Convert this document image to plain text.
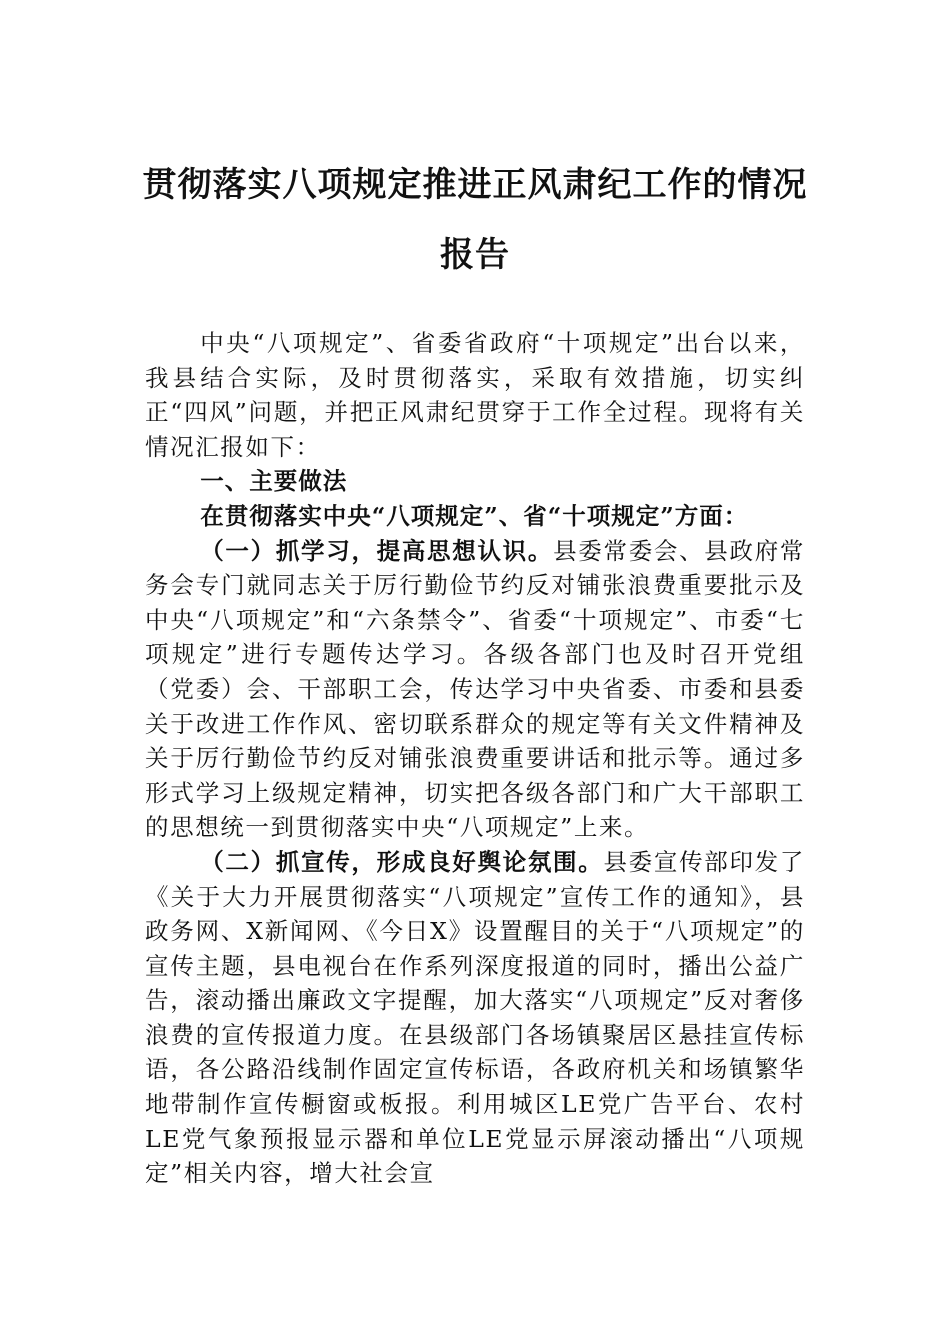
贯彻落实八项规定推进正风肃纪工作的情况报告

中央“八项规定”、省委省政府“十项规定”出台以来，我县结合实际，及时贯彻落实，采取有效措施，切实纠正“四风”问题，并把正风肃纪贯穿于工作全过程。现将有关情况汇报如下：

一、主要做法

在贯彻落实中央“八项规定”、省“十项规定”方面：

（一）抓学习，提高思想认识。县委常委会、县政府常务会专门就同志关于厉行勤俭节约反对铺张浪费重要批示及中央“八项规定”和“六条禁令”、省委“十项规定”、市委“七项规定”进行专题传达学习。各级各部门也及时召开党组（党委）会、干部职工会，传达学习中央省委、市委和县委关于改进工作作风、密切联系群众的规定等有关文件精神及关于厉行勤俭节约反对铺张浪费重要讲话和批示等。通过多形式学习上级规定精神，切实把各级各部门和广大干部职工的思想统一到贯彻落实中央“八项规定”上来。

（二）抓宣传，形成良好舆论氛围。县委宣传部印发了《关于大力开展贯彻落实“八项规定”宣传工作的通知》，县政务网、X新闻网、《今日X》设置醒目的关于“八项规定”的宣传主题，县电视台在作系列深度报道的同时，播出公益广告，滚动播出廉政文字提醒，加大落实“八项规定”反对奢侈浪费的宣传报道力度。在县级部门各场镇聚居区悬挂宣传标语，各公路沿线制作固定宣传标语，各政府机关和场镇繁华地带制作宣传橱窗或板报。利用城区LE党广告平台、农村LE党气象预报显示器和单位LE党显示屏滚动播出“八项规定”相关内容，增大社会宣
